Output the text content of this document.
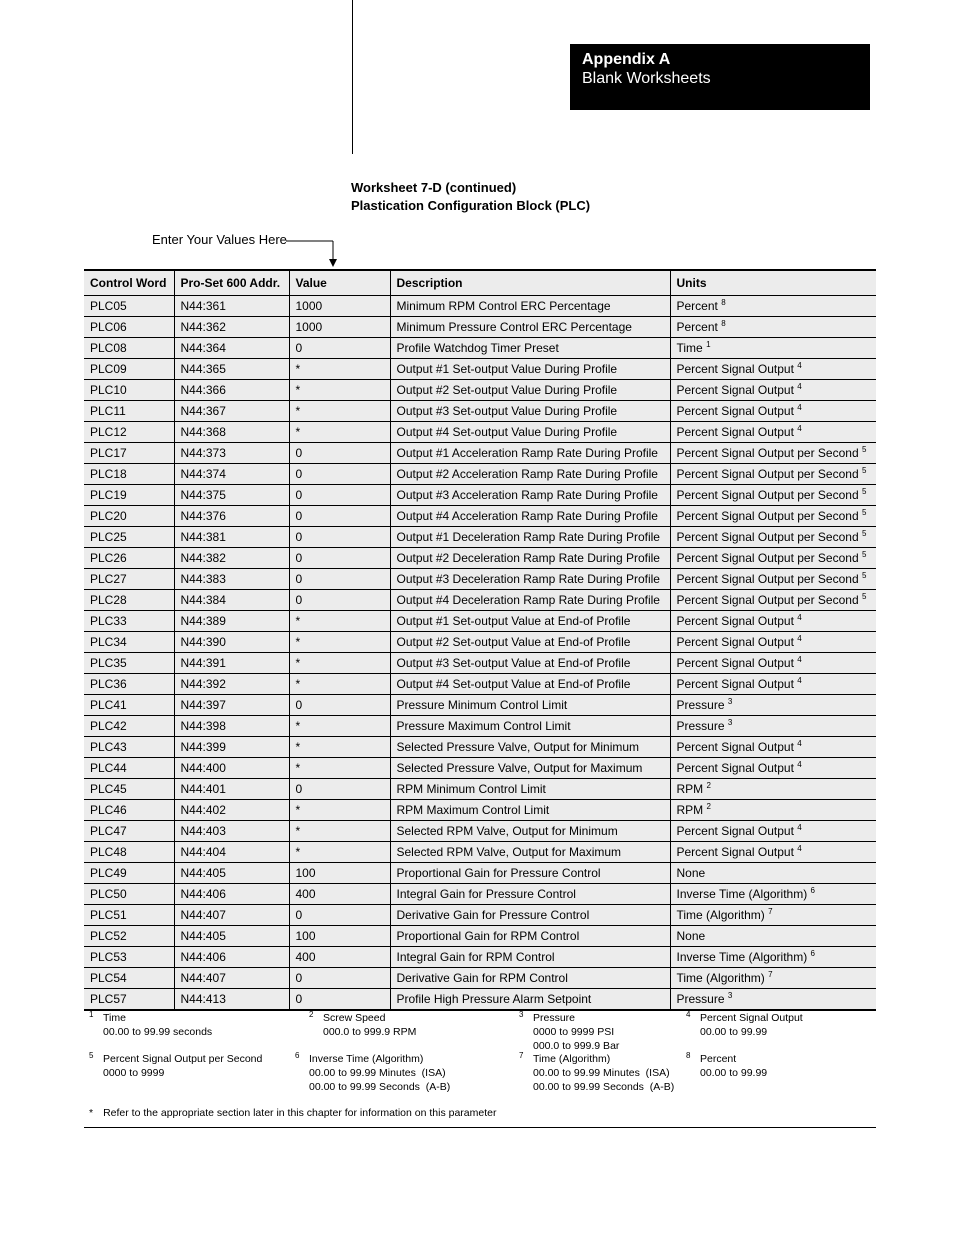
Appendix A
Blank Worksheets
Worksheet 7-D (continued)
Plastication Configuration Block (PLC)
Enter Your Values Here
Control Word	Pro-Set 600 Addr.	Value	Description	Units
PLC05	N44:361	1000	Minimum RPM Control ERC Percentage	Percent $^8$
PLC06	N44:362	1000	Minimum Pressure Control ERC Percentage	Percent $^8$
PLC08	N44:364	0	Profile Watchdog Timer Preset	Time $^1$
PLC09	N44:365	*	Output #1 Set-output Value During Profile	Percent Signal Output $^4$
PLC10	N44:366	*	Output #2 Set-output Value During Profile	Percent Signal Output $^4$
PLC11	N44:367	*	Output #3 Set-output Value During Profile	Percent Signal Output $^4$
PLC12	N44:368	*	Output #4 Set-output Value During Profile	Percent Signal Output $^4$
PLC17	N44:373	0	Output #1 Acceleration Ramp Rate During Profile	Percent Signal Output per Second $^5$
PLC18	N44:374	0	Output #2 Acceleration Ramp Rate During Profile	Percent Signal Output per Second $^5$
PLC19	N44:375	0	Output #3 Acceleration Ramp Rate During Profile	Percent Signal Output per Second $^5$
PLC20	N44:376	0	Output #4 Acceleration Ramp Rate During Profile	Percent Signal Output per Second $^5$
PLC25	N44:381	0	Output #1 Deceleration Ramp Rate During Profile	Percent Signal Output per Second $^5$
PLC26	N44:382	0	Output #2 Deceleration Ramp Rate During Profile	Percent Signal Output per Second $^5$
PLC27	N44:383	0	Output #3 Deceleration Ramp Rate During Profile	Percent Signal Output per Second $^5$
PLC28	N44:384	0	Output #4 Deceleration Ramp Rate During Profile	Percent Signal Output per Second $^5$
PLC33	N44:389	*	Output #1 Set-output Value at End-of Profile	Percent Signal Output $^4$
PLC34	N44:390	*	Output #2 Set-output Value at End-of Profile	Percent Signal Output $^4$
PLC35	N44:391	*	Output #3 Set-output Value at End-of Profile	Percent Signal Output $^4$
PLC36	N44:392	*	Output #4 Set-output Value at End-of Profile	Percent Signal Output $^4$
PLC41	N44:397	0	Pressure Minimum Control Limit	Pressure $^3$
PLC42	N44:398	*	Pressure Maximum Control Limit	Pressure $^3$
PLC43	N44:399	*	Selected Pressure Valve, Output for Minimum	Percent Signal Output $^4$
PLC44	N44:400	*	Selected Pressure Valve, Output for Maximum	Percent Signal Output $^4$
PLC45	N44:401	0	RPM Minimum Control Limit	RPM $^2$
PLC46	N44:402	*	RPM Maximum Control Limit	RPM $^2$
PLC47	N44:403	*	Selected RPM Valve, Output for Minimum	Percent Signal Output $^4$
PLC48	N44:404	*	Selected RPM Valve, Output for Maximum	Percent Signal Output $^4$
PLC49	N44:405	100	Proportional Gain for Pressure Control	None
PLC50	N44:406	400	Integral Gain for Pressure Control	Inverse Time (Algorithm) $^6$
PLC51	N44:407	0	Derivative Gain for Pressure Control	Time (Algorithm) $^7$
PLC52	N44:405	100	Proportional Gain for RPM Control	None
PLC53	N44:406	400	Integral Gain for RPM Control	Inverse Time (Algorithm) $^6$
PLC54	N44:407	0	Derivative Gain for RPM Control	Time (Algorithm) $^7$
PLC57	N44:413	0	Profile High Pressure Alarm Setpoint	Pressure $^3$
1 Time
00.00 to 99.99 seconds
2 Screw Speed
000.0 to 999.9 RPM
3 Pressure
0000 to 9999 PSI
000.0 to 999.9 Bar
4 Percent Signal Output
00.00 to 99.99
5 Percent Signal Output per Second
0000 to 9999
6 Inverse Time (Algorithm)
00.00 to 99.99 Minutes  (ISA)
00.00 to 99.99 Seconds  (A-B)
7 Time (Algorithm)
00.00 to 99.99 Minutes  (ISA)
00.00 to 99.99 Seconds  (A-B)
8 Percent
00.00 to 99.99
* Refer to the appropriate section later in this chapter for information on this parameter
